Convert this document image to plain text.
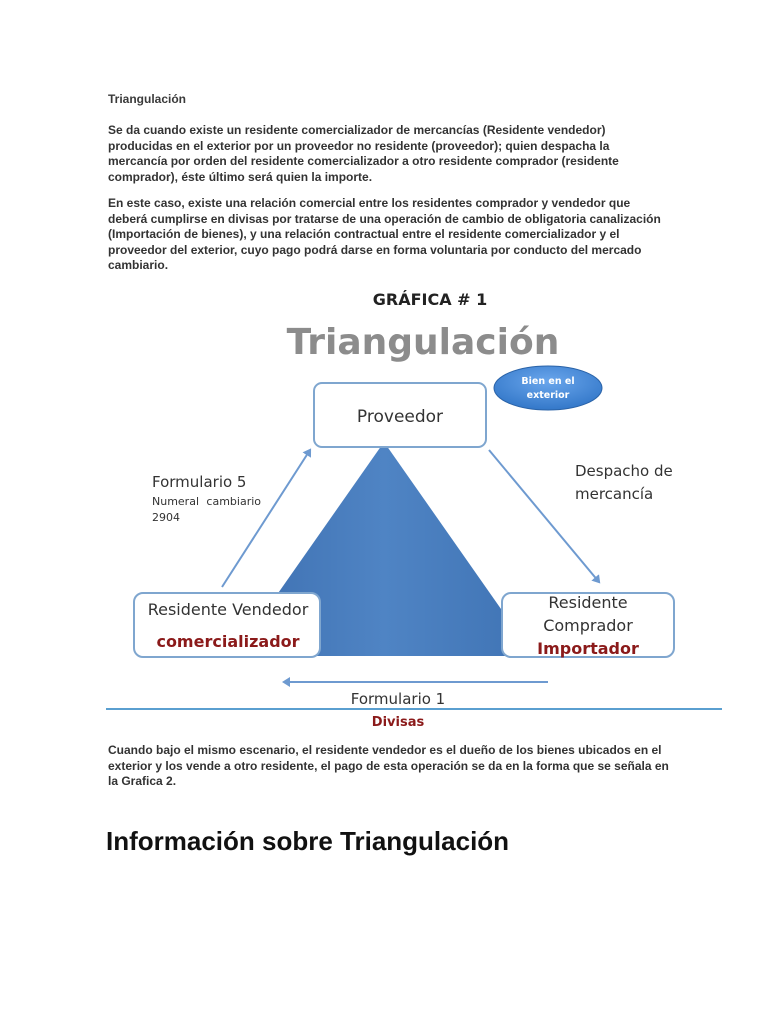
Triangulación

Se da cuando existe un residente comercializador de mercancías (Residente vendedor) producidas en el exterior por un proveedor no residente (proveedor); quien despacha la mercancía por orden del residente comercializador a otro residente comprador (residente comprador), éste último será quien la importe.

En este caso, existe una relación comercial entre los residentes comprador y vendedor que deberá cumplirse en divisas por tratarse de una operación de cambio de obligatoria canalización (Importación de bienes), y una relación contractual entre el residente comercializador y el proveedor del exterior, cuyo pago podrá darse en forma voluntaria por conducto del mercado cambiario.

GRÁFICA # 1
Triangulación
Proveedor
Bien en el
exterior
Residente Vendedor
comercializador
Residente
Comprador
Importador
Formulario 5
Numeral cambiario
2904
Despacho de
mercancía
Formulario 1
Divisas

Cuando bajo el mismo escenario, el residente vendedor es el dueño de los bienes ubicados en el exterior y los vende a otro residente, el pago de esta operación se da en la forma que se señala en la Grafica 2.

Información sobre Triangulación
